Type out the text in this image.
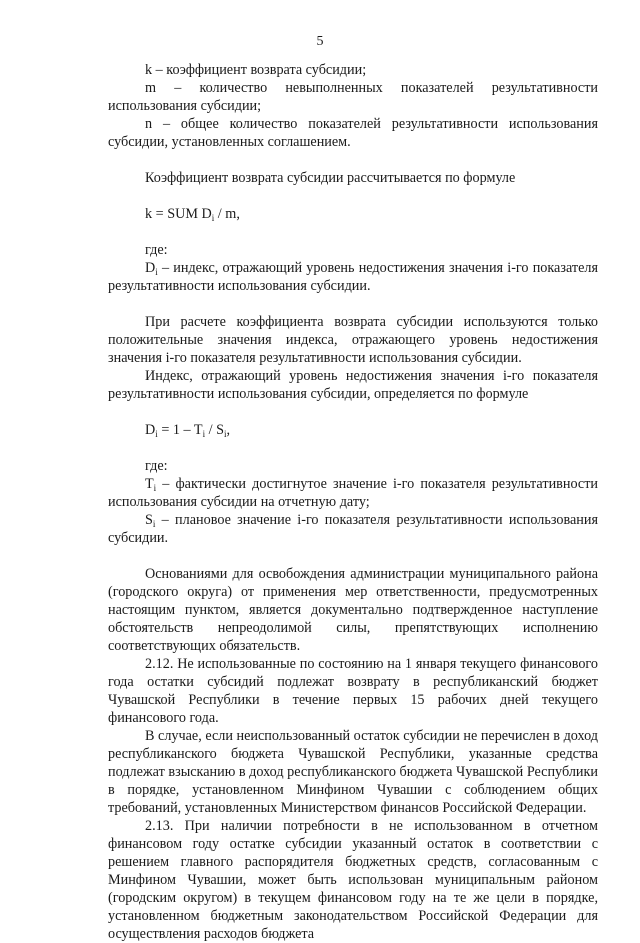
5

k – коэффициент возврата субсидии;

m – количество невыполненных показателей результативности использования субсидии;

n – общее количество показателей результативности использования субсидии, установленных соглашением.

Коэффициент возврата субсидии рассчитывается по формуле

k = SUM $D_i$ / m,

где:

$D_i$ – индекс, отражающий уровень недостижения значения i-го показателя результативности использования субсидии.

При расчете коэффициента возврата субсидии используются только положительные значения индекса, отражающего уровень недостижения значения i-го показателя результативности использования субсидии.

Индекс, отражающий уровень недостижения значения i-го показателя результативности использования субсидии, определяется по формуле

$D_i = 1 - T_i / S_i$,

где:

$T_i$ – фактически достигнутое значение i-го показателя результативности использования субсидии на отчетную дату;

$S_i$ – плановое значение i-го показателя результативности использования субсидии.

Основаниями для освобождения администрации муниципального района (городского округа) от применения мер ответственности, предусмотренных настоящим пунктом, является документально подтвержденное наступление обстоятельств непреодолимой силы, препятствующих исполнению соответствующих обязательств.

2.12. Не использованные по состоянию на 1 января текущего финансового года остатки субсидий подлежат возврату в республиканский бюджет Чувашской Республики в течение первых 15 рабочих дней текущего финансового года.

В случае, если неиспользованный остаток субсидии не перечислен в доход республиканского бюджета Чувашской Республики, указанные средства подлежат взысканию в доход республиканского бюджета Чувашской Республики в порядке, установленном Минфином Чувашии с соблюдением общих требований, установленных Министерством финансов Российской Федерации.

2.13. При наличии потребности в не использованном в отчетном финансовом году остатке субсидии указанный остаток в соответствии с решением главного распорядителя бюджетных средств, согласованным с Минфином Чувашии, может быть использован муниципальным районом (городским округом) в текущем финансовом году на те же цели в порядке, установленном бюджетным законодательством Российской Федерации для осуществления расходов бюджета
